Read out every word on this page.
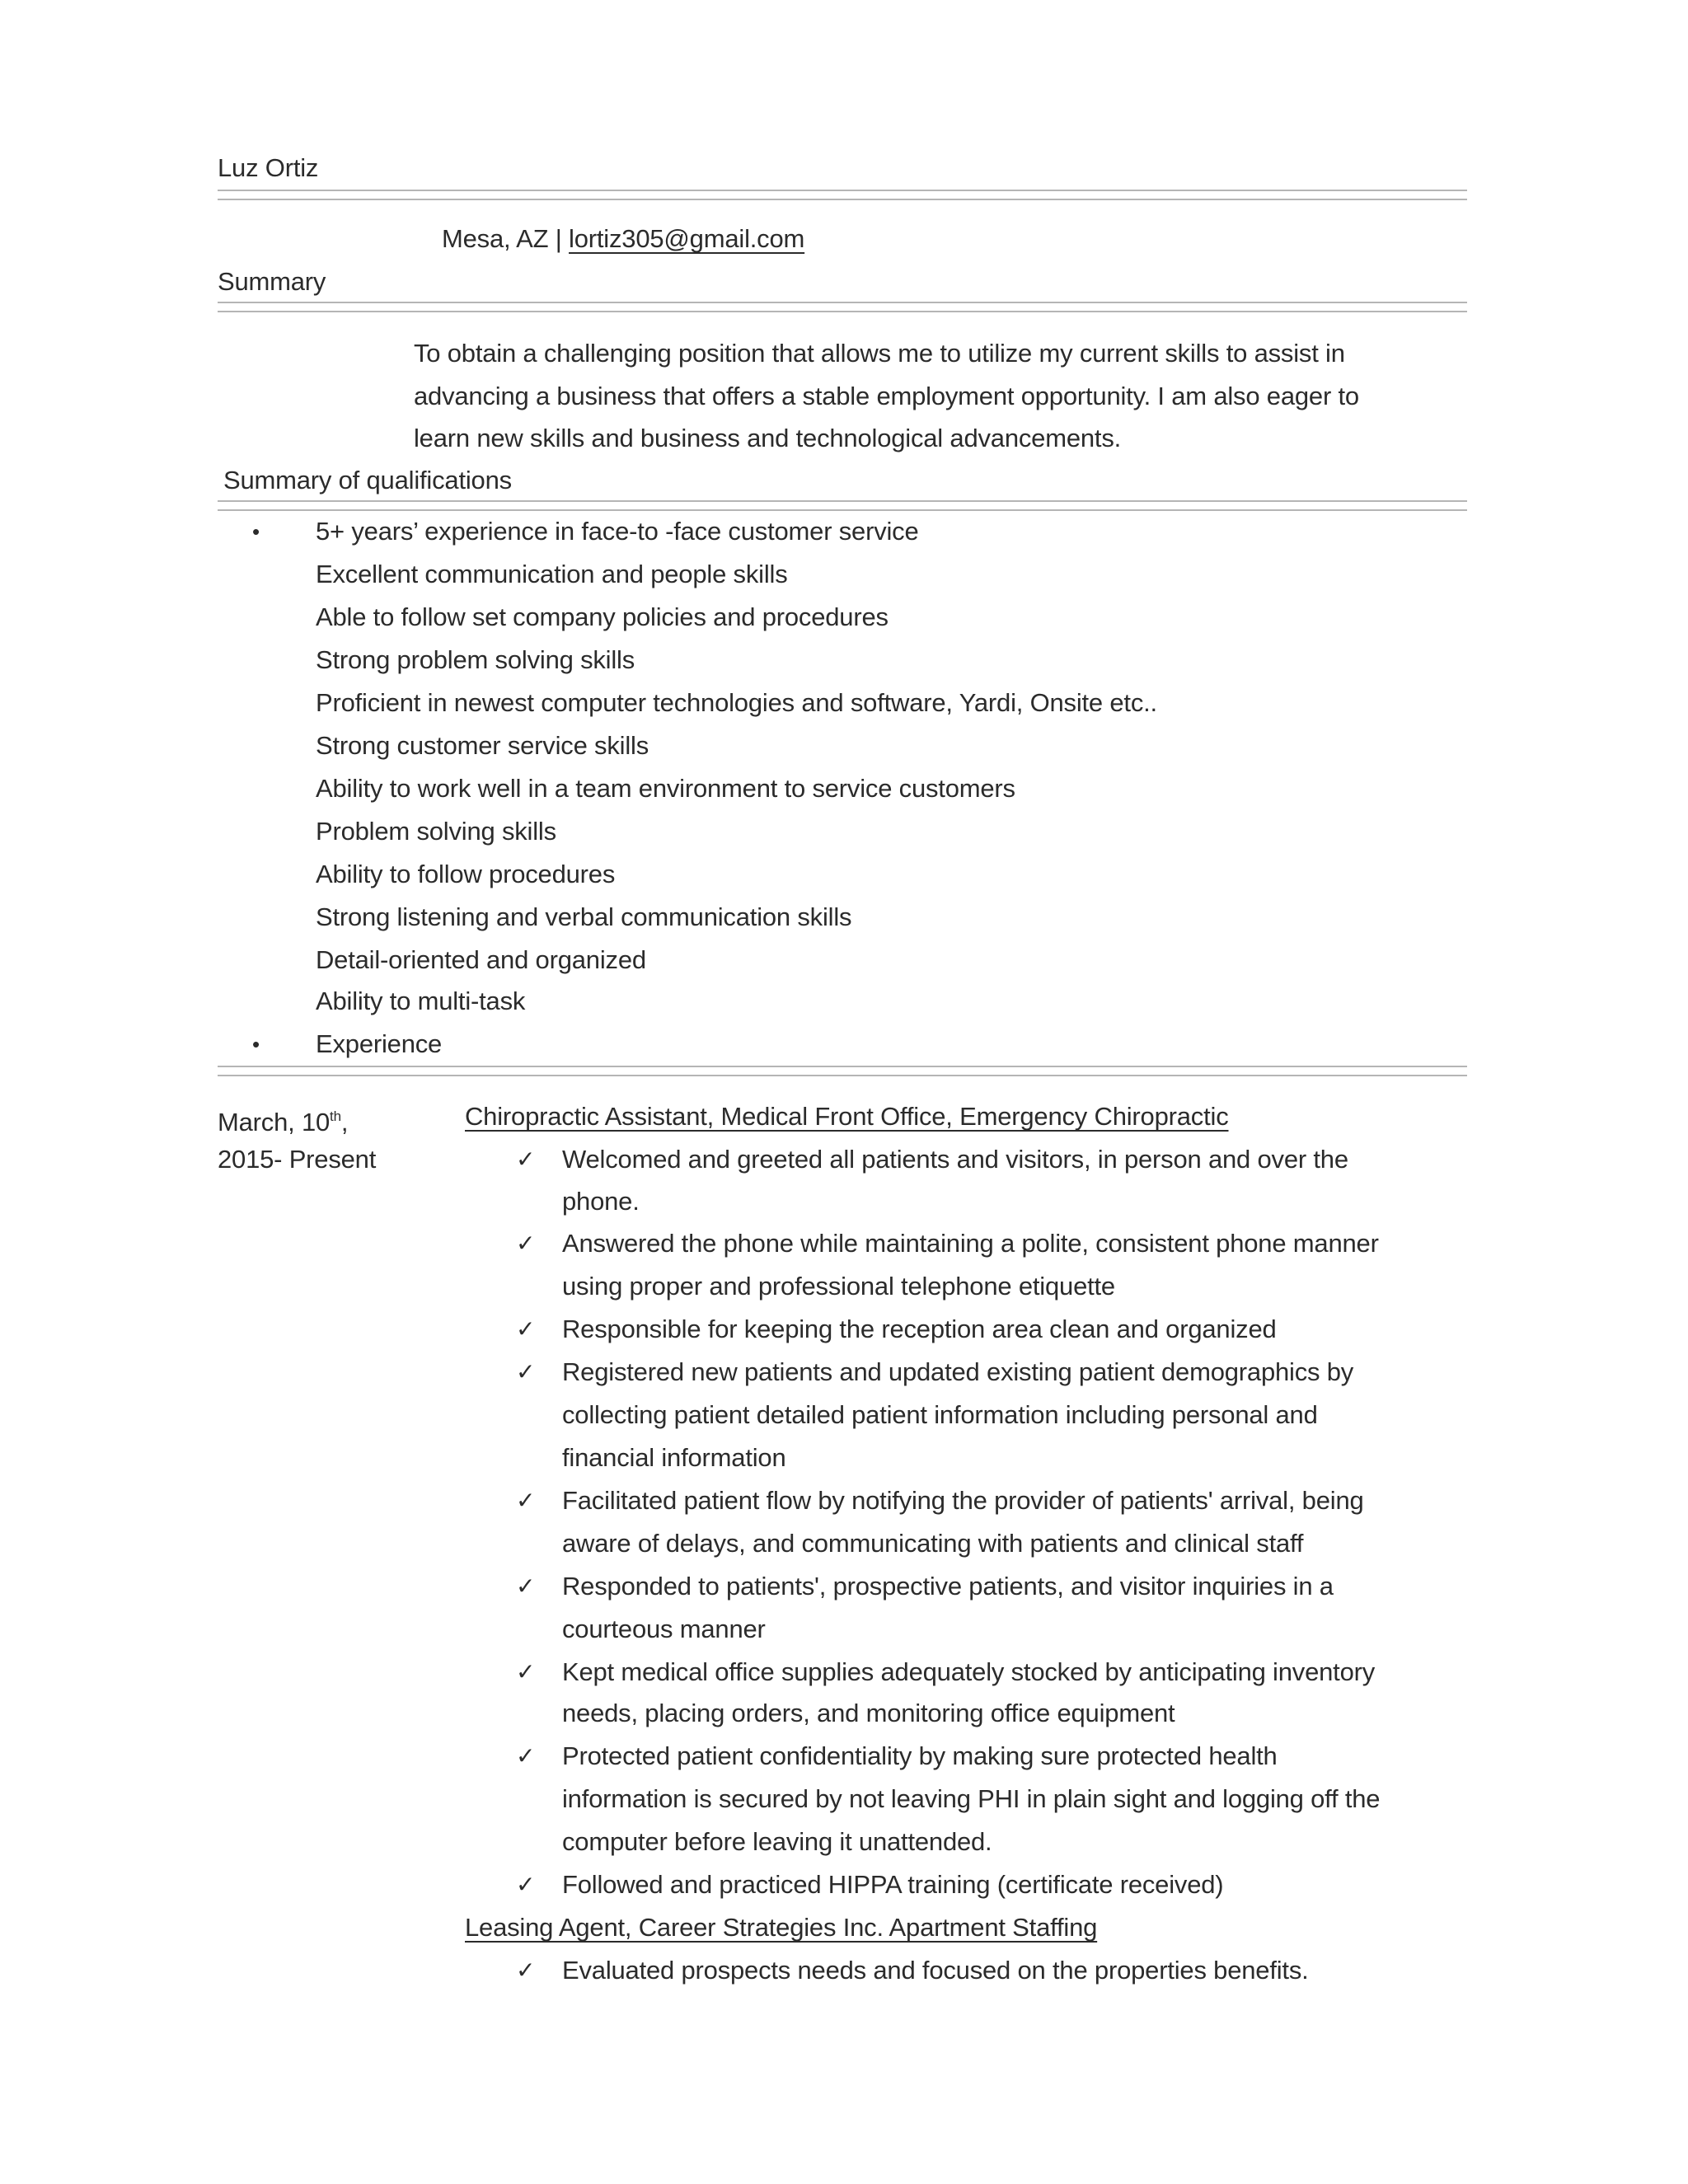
Luz Ortiz
Mesa, AZ | lortiz305@gmail.com
Summary
To obtain a challenging position that allows me to utilize my current skills to assist in
advancing a business that offers a stable employment opportunity. I am also eager to
learn new skills and business and technological advancements.
Summary of qualifications
• 5+ years’ experience in face-to -face customer service
Excellent communication and people skills
Able to follow set company policies and procedures
Strong problem solving skills
Proficient in newest computer technologies and software, Yardi, Onsite etc..
Strong customer service skills
Ability to work well in a team environment to service customers
Problem solving skills
Ability to follow procedures
Strong listening and verbal communication skills
Detail-oriented and organized
Ability to multi-task
• Experience
March, 10th,
2015- Present
Chiropractic Assistant, Medical Front Office, Emergency Chiropractic
✓ Welcomed and greeted all patients and visitors, in person and over the
phone.
✓ Answered the phone while maintaining a polite, consistent phone manner
using proper and professional telephone etiquette
✓ Responsible for keeping the reception area clean and organized
✓ Registered new patients and updated existing patient demographics by
collecting patient detailed patient information including personal and
financial information
✓ Facilitated patient flow by notifying the provider of patients' arrival, being
aware of delays, and communicating with patients and clinical staff
✓ Responded to patients', prospective patients, and visitor inquiries in a
courteous manner
✓ Kept medical office supplies adequately stocked by anticipating inventory
needs, placing orders, and monitoring office equipment
✓ Protected patient confidentiality by making sure protected health
information is secured by not leaving PHI in plain sight and logging off the
computer before leaving it unattended.
✓ Followed and practiced HIPPA training (certificate received)
Leasing Agent, Career Strategies Inc. Apartment Staffing
✓ Evaluated prospects needs and focused on the properties benefits.
